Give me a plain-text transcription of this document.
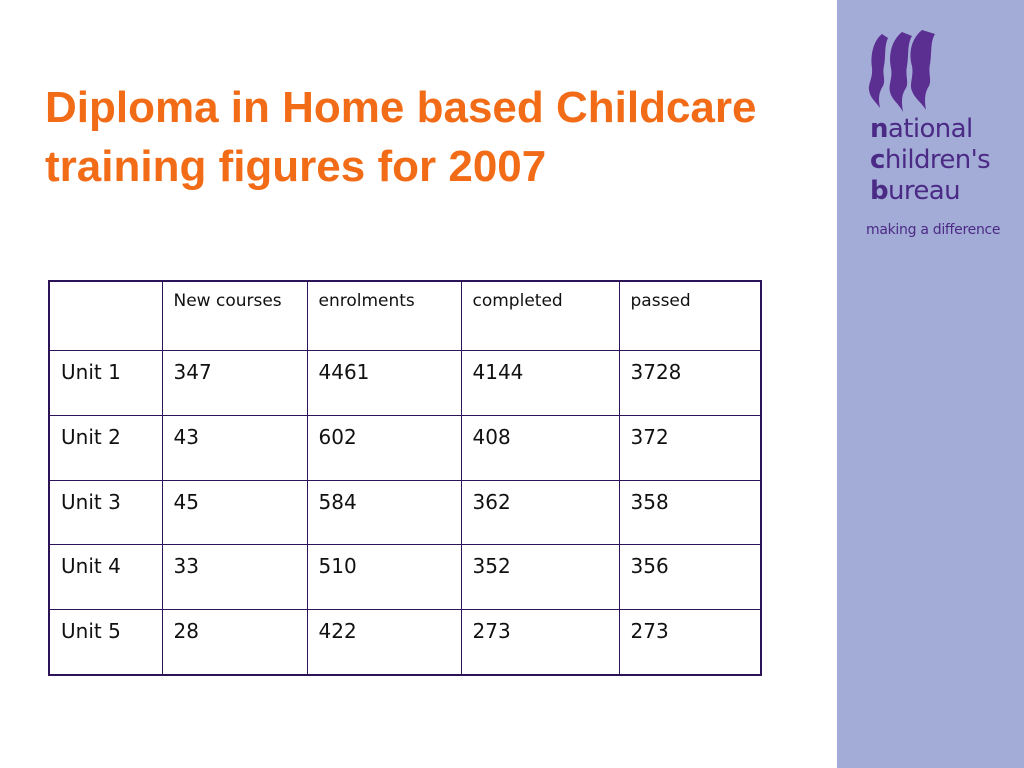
Diploma in Home based Childcare training figures for 2007
	New courses	enrolments	completed	passed
Unit 1	347	4461	4144	3728
Unit 2	43	602	408	372
Unit 3	45	584	362	358
Unit 4	33	510	352	356
Unit 5	28	422	273	273
national
children's
bureau
making a difference
